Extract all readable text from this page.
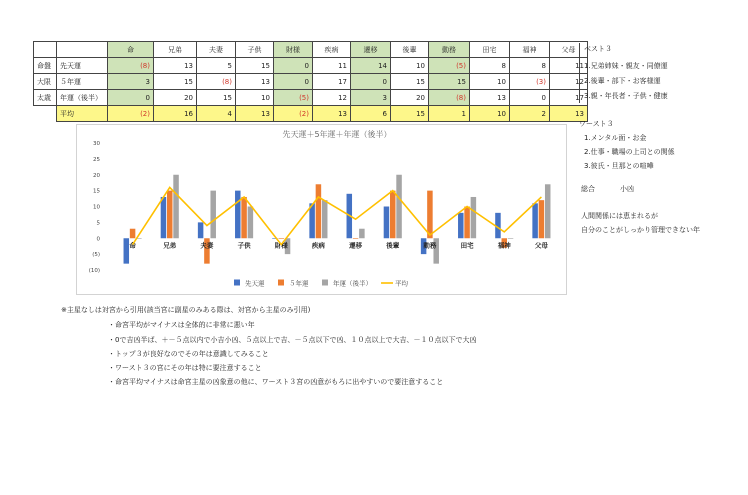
		命	兄弟	夫妻	子供	財様	疾病	遷移	後輩	動務	田宅	福神	父母
命盤	先天運	(8)	13	5	15	0	11	14	10	(5)	8	8	11
大限	５年運	3	15	(8)	13	0	17	0	15	15	10	(3)	12
太歳	年運（後半）	0	20	15	10	(5)	12	3	20	(8)	13	0	17
	平均	(2)	16	4	13	(2)	13	6	15	1	10	2	13
ベスト３
1.兄弟姉妹・親友・同僚運
2.後輩・部下・お客様運
3.親・年長者・子供・健康
ワースト３
1.メンタル面・お金
2.仕事・職場の上司との関係
3.彼氏・旦那との喧嘩
総合	小凶
人間関係には恵まれるが
自分のことがしっかり管理できない年
先天運＋5年運＋年運（後半）
30
25
20
15
10
5
0
(5)
(10)
命	兄弟	夫妻	子供	財様	疾病	遷移	後輩	動務	田宅	福神	父母
先天運	５年運	年運（後半）	平均
※主星なしは対宮から引用(該当宮に副星のみある際は、対宮から主星のみ引用)
・命宮平均がマイナスは全体的に非常に悪い年
・0で吉凶半ば、＋－５点以内で小吉小凶、５点以上で吉、－５点以下で凶、１０点以上で大吉、－１０点以下で大凶
・トップ３が良好なのでその年は意識してみること
・ワースト３の宮にその年は特に要注意すること
・命宮平均マイナスは命宮主星の凶象意の他に、ワースト３宮の凶意がもろに出やすいので要注意すること
